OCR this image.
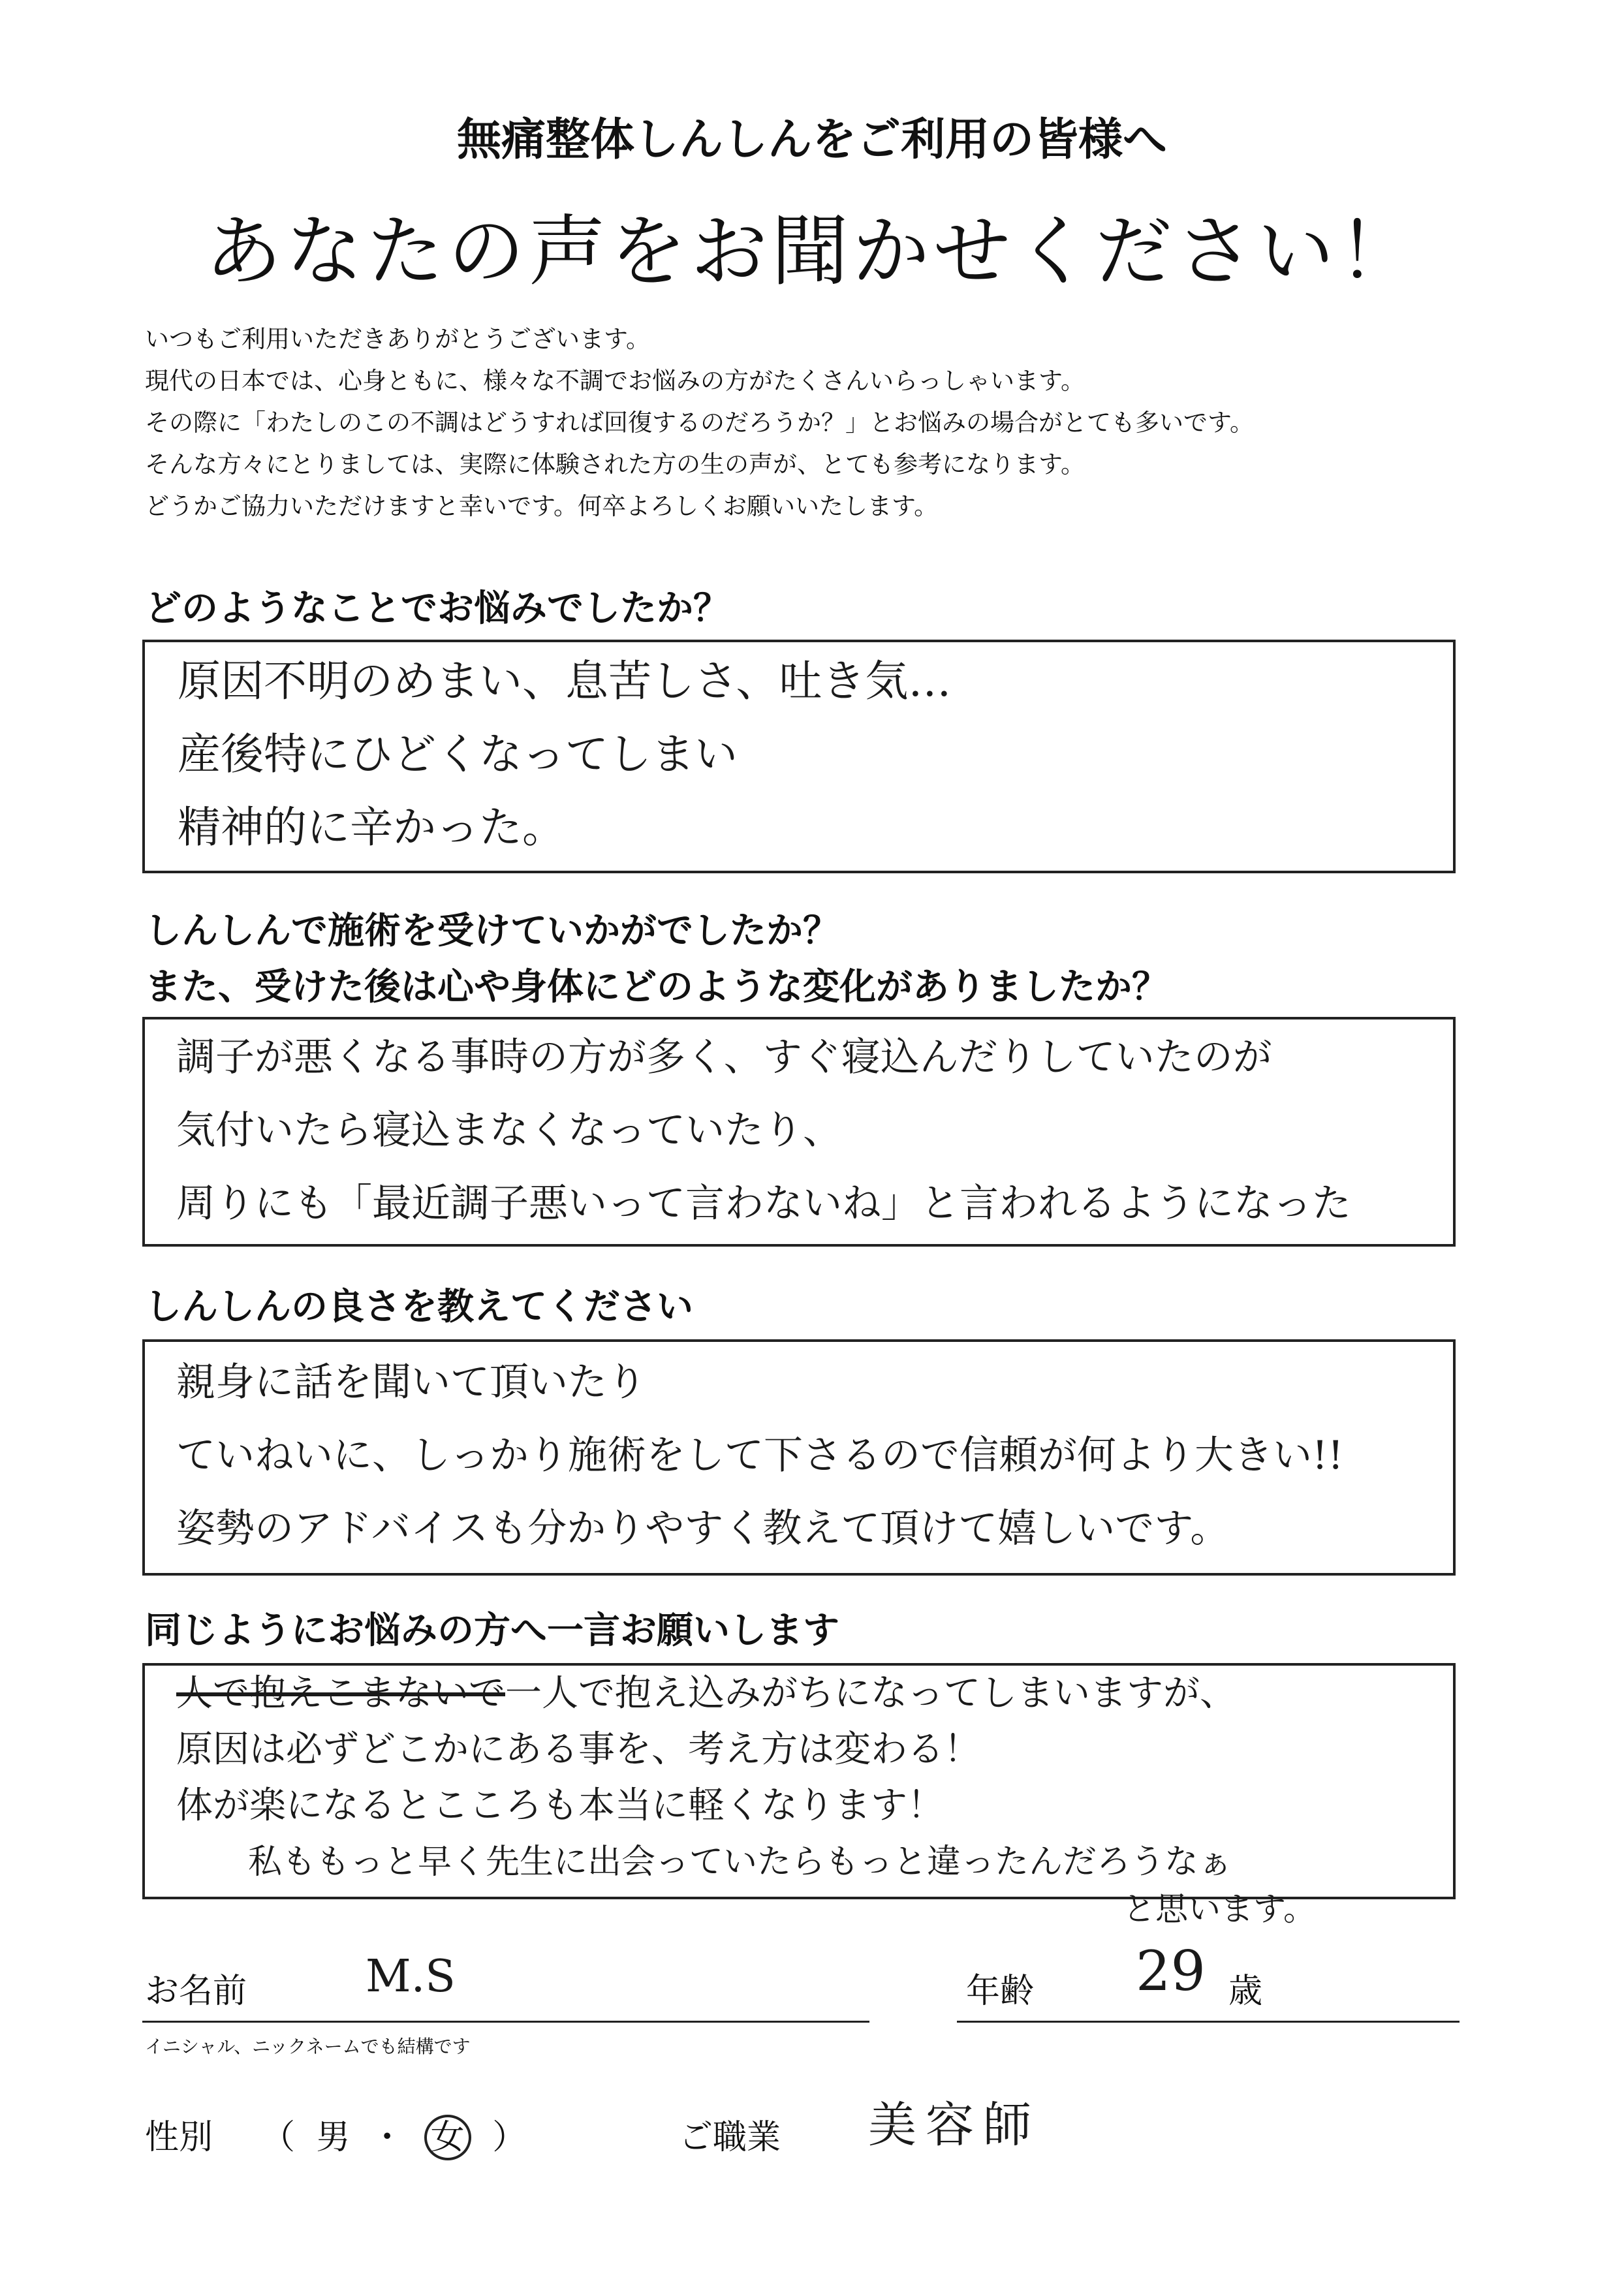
無痛整体しんしんをご利用の皆様へ
あなたの声をお聞かせください！
いつもご利用いただきありがとうございます。
現代の日本では、心身ともに、様々な不調でお悩みの方がたくさんいらっしゃいます。
その際に「わたしのこの不調はどうすれば回復するのだろうか？」とお悩みの場合がとても多いです。
そんな方々にとりましては、実際に体験された方の生の声が、とても参考になります。
どうかご協力いただけますと幸いです。何卒よろしくお願いいたします。
どのようなことでお悩みでしたか？
原因不明のめまい、息苦しさ、吐き気…
産後特にひどくなってしまい
精神的に辛かった。
しんしんで施術を受けていかがでしたか？
また、受けた後は心や身体にどのような変化がありましたか？
調子が悪くなる事時の方が多く、すぐ寝込んだりしていたのが
気付いたら寝込まなくなっていたり、
周りにも「最近調子悪いって言わないね」と言われるようになった
しんしんの良さを教えてください
親身に話を聞いて頂いたり
ていねいに、しっかり施術をして下さるので信頼が何より大きい!!
姿勢のアドバイスも分かりやすく教えて頂けて嬉しいです。
同じようにお悩みの方へ一言お願いします
人で抱えこまないで一人で抱え込みがちになってしまいますが、
原因は必ずどこかにある事を、考え方は変わる！
体が楽になるとこころも本当に軽くなります！
私ももっと早く先生に出会っていたらもっと違ったんだろうなぁ
と思います。
お名前	M.S
イニシャル、ニックネームでも結構です
年齢 29 歳
性別 （ 男 ・ 女 ）	ご職業 美容師
